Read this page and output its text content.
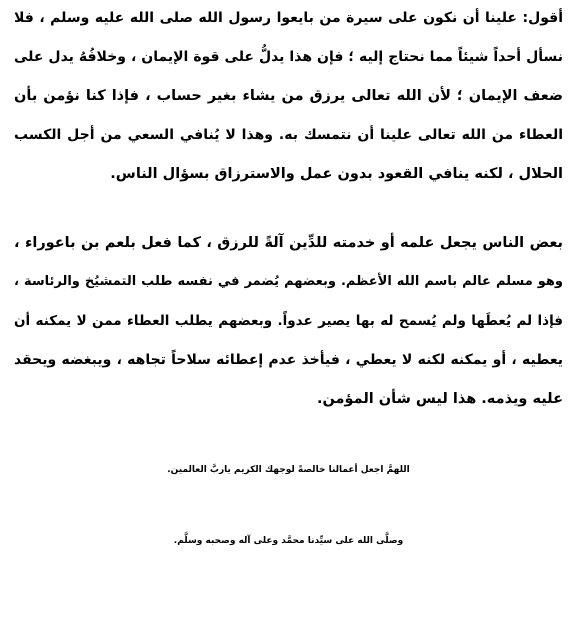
أقول: علينا أن نكون على سيرة من بايعوا رسول الله صلى الله عليه وسلم ، فلا
نسأل أحداً شيئاً مما نحتاج إليه ؛ فإن هذا يدلُّ على قوة الإيمان ، وخلافُهُ يدل على
ضعف الإيمان ؛ لأن الله تعالى يرزق من يشاء بغير حساب ، فإذا كنا نؤمن بأن
العطاء من الله تعالى علينا أن نتمسك به. وهذا لا يُنافي السعي من أجل الكسب
الحلال ، لكنه ينافي القعود بدون عمل والاسترزاق بسؤال الناس.
بعض الناس يجعل علمه أو خدمته للدِّين آلةً للرزق ، كما فعل بلعم بن باعوراء ،
وهو مسلم عالم باسم الله الأعظم. وبعضهم يُضمر في نفسه طلب التمشيُخ والرئاسة ،
فإذا لم يُعطَها ولم يُسمح له بها يصير عدواً. وبعضهم يطلب العطاء ممن لا يمكنه أن
يعطيه ، أو يمكنه لكنه لا يعطي ، فيأخذ عدم إعطائه سلاحاً تجاهه ، ويبغضه ويحقد
عليه ويذمه. هذا ليس شأن المؤمن.
اللهمَّ اجعل أعمالنا خالصةً لوجهك الكريم ياربَّ العالمين.
وصلَّى الله على سيِّدنا محمَّد وعلى آله وصحبه وسلَّم.
